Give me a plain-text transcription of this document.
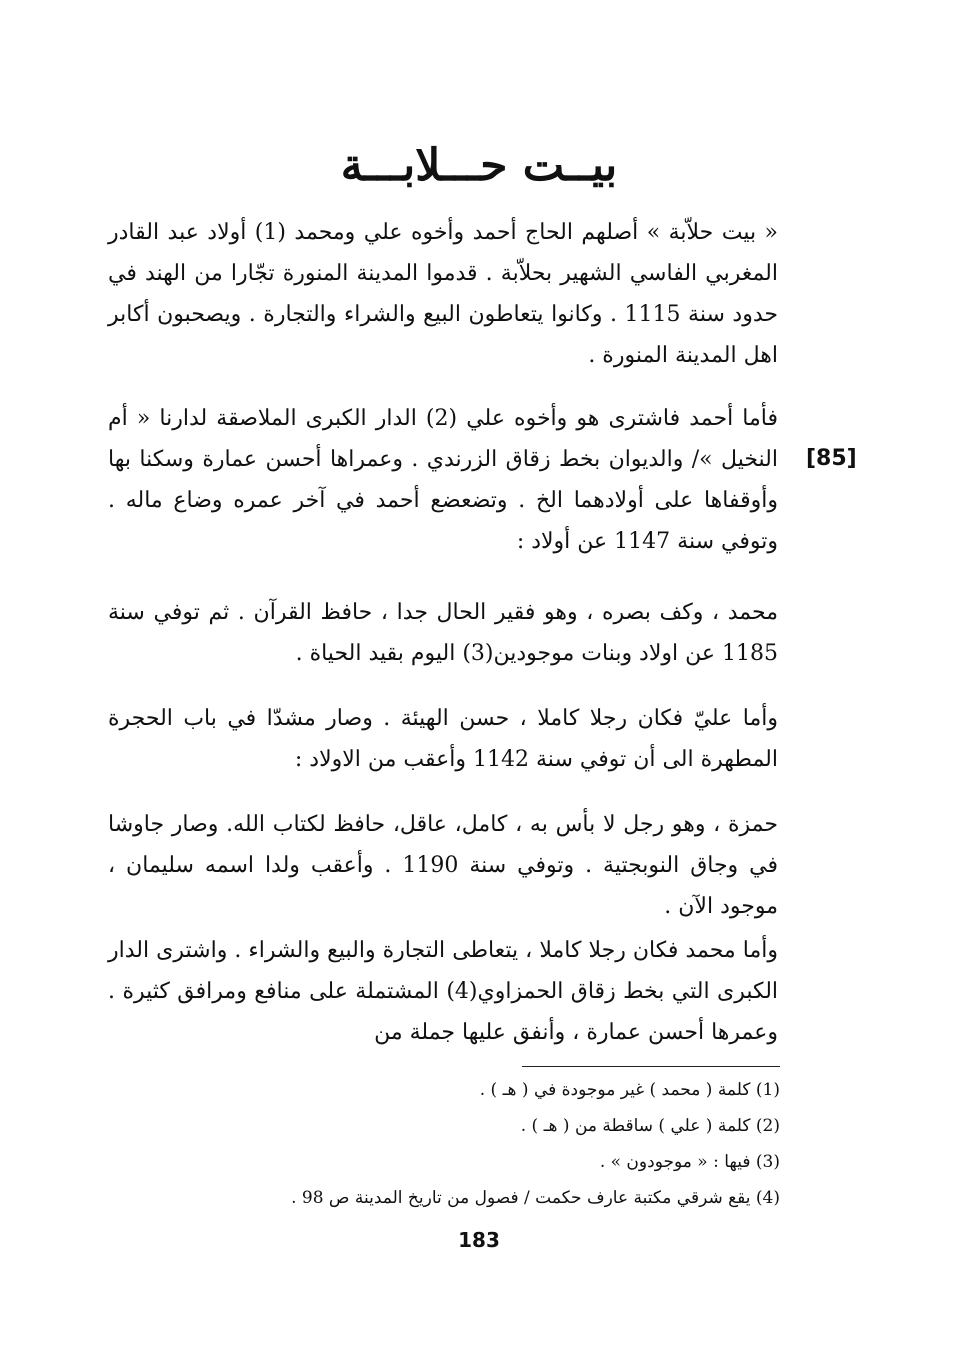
بيــت حـــلابـــة
[85]

« بيت حلاّبة » أصلهم الحاج أحمد وأخوه علي ومحمد (1) أولاد عبد القادر المغربي الفاسي الشهير بحلاّبة . قدموا المدينة المنورة تجّارا من الهند في حدود سنة 1115 . وكانوا يتعاطون البيع والشراء والتجارة . ويصحبون أكابر اهل المدينة المنورة .

فأما أحمد فاشترى هو وأخوه علي (2) الدار الكبرى الملاصقة لدارنا « أم النخيل »/ والديوان بخط زقاق الزرندي . وعمراها أحسن عمارة وسكنا بها وأوقفاها على أولادهما الخ . وتضعضع أحمد في آخر عمره وضاع ماله . وتوفي سنة 1147 عن أولاد :

محمد ، وكف بصره ، وهو فقير الحال جدا ، حافظ القرآن . ثم توفي سنة 1185 عن اولاد وبنات موجودين(3) اليوم بقيد الحياة .

وأما عليّ فكان رجلا كاملا ، حسن الهيئة . وصار مشدّا في باب الحجرة المطهرة الى أن توفي سنة 1142 وأعقب من الاولاد :

حمزة ، وهو رجل لا بأس به ، كامل، عاقل، حافظ لكتاب الله. وصار جاوشا في وجاق النوبجتية . وتوفي سنة 1190 . وأعقب ولدا اسمه سليمان ، موجود الآن .

وأما محمد فكان رجلا كاملا ، يتعاطى التجارة والبيع والشراء . واشترى الدار الكبرى التي بخط زقاق الحمزاوي(4) المشتملة على منافع ومرافق كثيرة . وعمرها أحسن عمارة ، وأنفق عليها جملة من

(1) كلمة ( محمد ) غير موجودة في ( هـ ) .

(2) كلمة ( علي ) ساقطة من ( هـ ) .

(3) فيها : « موجودون » .

(4) يقع شرقي مكتبة عارف حكمت / فصول من تاريخ المدينة ص 98 .

183
